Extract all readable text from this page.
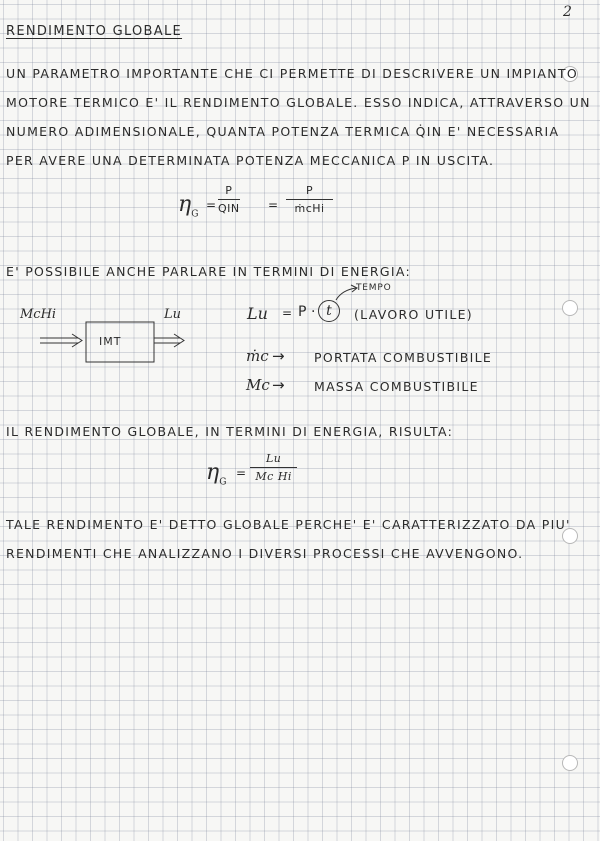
2
RENDIMENTO GLOBALE
UN PARAMETRO IMPORTANTE CHE CI PERMETTE DI DESCRIVERE UN IMPIANTO
MOTORE TERMICO E' IL RENDIMENTO GLOBALE. ESSO INDICA, ATTRAVERSO UN
NUMERO ADIMENSIONALE, QUANTA POTENZA TERMICA Q̇IN E' NECESSARIA
PER AVERE UNA DETERMINATA POTENZA MECCANICA P IN USCITA.
$\eta_G$
=
P
QIN =
P
ṁcHi
E' POSSIBILE ANCHE PARLARE IN TERMINI DI ENERGIA:
McHi	Lu
IMT
Lu = P · t
TEMPO
(LAVORO UTILE)
ṁc → PORTATA COMBUSTIBILE
Mc → MASSA COMBUSTIBILE
IL RENDIMENTO GLOBALE, IN TERMINI DI ENERGIA, RISULTA:
$\eta_G$
= $\frac{Lu}{\text{Mc Hi}}$
TALE RENDIMENTO E' DETTO GLOBALE PERCHE' E' CARATTERIZZATO DA PIU'
RENDIMENTI CHE ANALIZZANO I DIVERSI PROCESSI CHE AVVENGONO.
